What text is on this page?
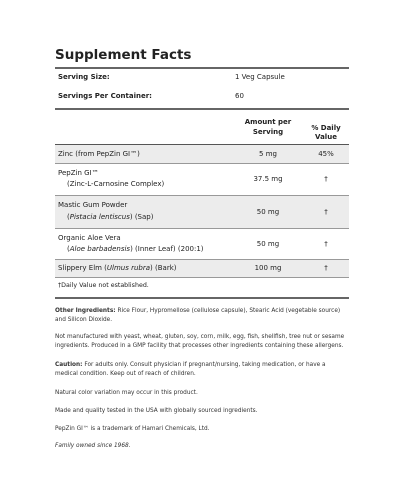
Supplement Facts
Serving Size:	1 Veg Capsule
Servings Per Container:	60
Amount per
Serving	% Daily Value
Zinc (from PepZin GI™)	5 mg	45%
PepZin GI™
(Zinc-L-Carnosine Complex)
37.5 mg	†
Mastic Gum Powder
(Pistacia lentiscus) (Sap)
50 mg	†
Organic Aloe Vera
(Aloe barbadensis) (Inner Leaf) (200:1)
50 mg	†
Slippery Elm (Ulmus rubra) (Bark)	100 mg	†
†Daily Value not established.
Other Ingredients: Rice Flour, Hypromellose (cellulose capsule), Stearic Acid (vegetable source)
and Silicon Dioxide.
Not manufactured with yeast, wheat, gluten, soy, corn, milk, egg, fish, shellfish, tree nut or sesame
ingredients. Produced in a GMP facility that processes other ingredients containing these allergens.
Caution: For adults only. Consult physician if pregnant/nursing, taking medication, or have a
medical condition. Keep out of reach of children.
Natural color variation may occur in this product.
Made and quality tested in the USA with globally sourced ingredients.
PepZin GI™ is a trademark of Hamari Chemicals, Ltd.
Family owned since 1968.
